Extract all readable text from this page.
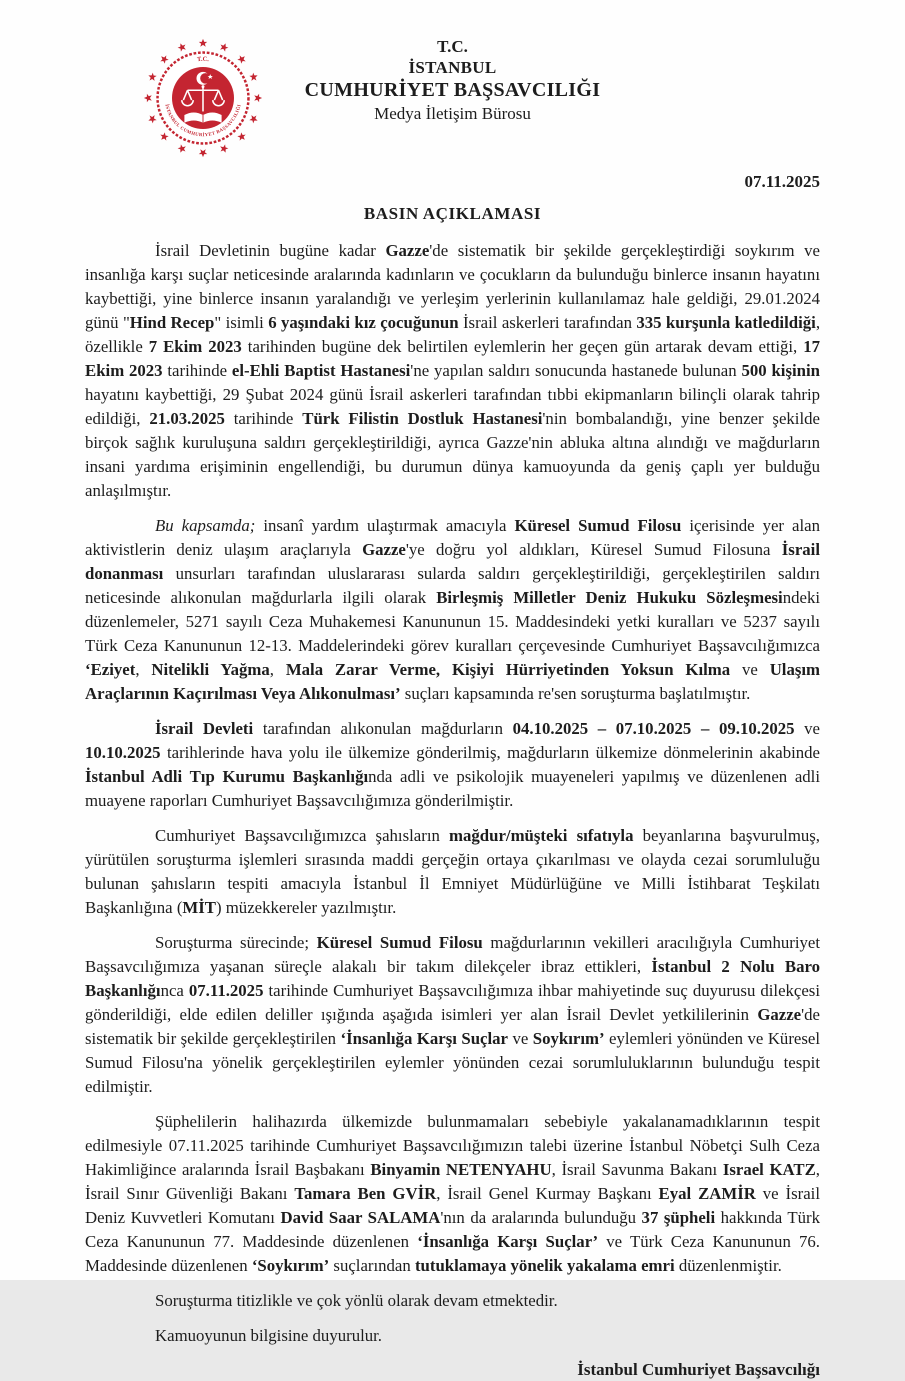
T.C.
İSTANBUL CUMHURİYET BAŞSAVCILIĞI
T.C.
İSTANBUL
CUMHURİYET BAŞSAVCILIĞI
Medya İletişim Bürosu
07.11.2025
BASIN AÇIKLAMASI

İsrail Devletinin bugüne kadar Gazze'de sistematik bir şekilde gerçekleştirdiği soykırım ve insanlığa karşı suçlar neticesinde aralarında kadınların ve çocukların da bulunduğu binlerce insanın hayatını kaybettiği, yine binlerce insanın yaralandığı ve yerleşim yerlerinin kullanılamaz hale geldiği, 29.01.2024 günü "Hind Recep" isimli 6 yaşındaki kız çocuğunun İsrail askerleri tarafından 335 kurşunla katledildiği, özellikle 7 Ekim 2023 tarihinden bugüne dek belirtilen eylemlerin her geçen gün artarak devam ettiği, 17 Ekim 2023 tarihinde el-Ehli Baptist Hastanesi'ne yapılan saldırı sonucunda hastanede bulunan 500 kişinin hayatını kaybettiği, 29 Şubat 2024 günü İsrail askerleri tarafından tıbbi ekipmanların bilinçli olarak tahrip edildiği, 21.03.2025 tarihinde Türk Filistin Dostluk Hastanesi'nin bombalandığı, yine benzer şekilde birçok sağlık kuruluşuna saldırı gerçekleştirildiği, ayrıca Gazze'nin abluka altına alındığı ve mağdurların insani yardıma erişiminin engellendiği, bu durumun dünya kamuoyunda da geniş çaplı yer bulduğu anlaşılmıştır.

Bu kapsamda; insanî yardım ulaştırmak amacıyla Küresel Sumud Filosu içerisinde yer alan aktivistlerin deniz ulaşım araçlarıyla Gazze'ye doğru yol aldıkları, Küresel Sumud Filosuna İsrail donanması unsurları tarafından uluslararası sularda saldırı gerçekleştirildiği, gerçekleştirilen saldırı neticesinde alıkonulan mağdurlarla ilgili olarak Birleşmiş Milletler Deniz Hukuku Sözleşmesindeki düzenlemeler, 5271 sayılı Ceza Muhakemesi Kanununun 15. Maddesindeki yetki kuralları ve 5237 sayılı Türk Ceza Kanununun 12-13. Maddelerindeki görev kuralları çerçevesinde Cumhuriyet Başsavcılığımızca ‘Eziyet, Nitelikli Yağma, Mala Zarar Verme, Kişiyi Hürriyetinden Yoksun Kılma ve Ulaşım Araçlarının Kaçırılması Veya Alıkonulması’ suçları kapsamında re'sen soruşturma başlatılmıştır.

İsrail Devleti tarafından alıkonulan mağdurların 04.10.2025 – 07.10.2025 – 09.10.2025 ve 10.10.2025 tarihlerinde hava yolu ile ülkemize gönderilmiş, mağdurların ülkemize dönmelerinin akabinde İstanbul Adli Tıp Kurumu Başkanlığında adli ve psikolojik muayeneleri yapılmış ve düzenlenen adli muayene raporları Cumhuriyet Başsavcılığımıza gönderilmiştir.

Cumhuriyet Başsavcılığımızca şahısların mağdur/müşteki sıfatıyla beyanlarına başvurulmuş, yürütülen soruşturma işlemleri sırasında maddi gerçeğin ortaya çıkarılması ve olayda cezai sorumluluğu bulunan şahısların tespiti amacıyla İstanbul İl Emniyet Müdürlüğüne ve Milli İstihbarat Teşkilatı Başkanlığına (MİT) müzekkereler yazılmıştır.

Soruşturma sürecinde; Küresel Sumud Filosu mağdurlarının vekilleri aracılığıyla Cumhuriyet Başsavcılığımıza yaşanan süreçle alakalı bir takım dilekçeler ibraz ettikleri, İstanbul 2 Nolu Baro Başkanlığınca 07.11.2025 tarihinde Cumhuriyet Başsavcılığımıza ihbar mahiyetinde suç duyurusu dilekçesi gönderildiği, elde edilen deliller ışığında aşağıda isimleri yer alan İsrail Devlet yetkililerinin Gazze'de sistematik bir şekilde gerçekleştirilen ‘İnsanlığa Karşı Suçlar ve Soykırım’ eylemleri yönünden ve Küresel Sumud Filosu'na yönelik gerçekleştirilen eylemler yönünden cezai sorumluluklarının bulunduğu tespit edilmiştir.

Şüphelilerin halihazırda ülkemizde bulunmamaları sebebiyle yakalanamadıklarının tespit edilmesiyle 07.11.2025 tarihinde Cumhuriyet Başsavcılığımızın talebi üzerine İstanbul Nöbetçi Sulh Ceza Hakimliğince aralarında İsrail Başbakanı Binyamin NETENYAHU, İsrail Savunma Bakanı Israel KATZ, İsrail Sınır Güvenliği Bakanı Tamara Ben GVİR, İsrail Genel Kurmay Başkanı Eyal ZAMİR ve İsrail Deniz Kuvvetleri Komutanı David Saar SALAMA'nın da aralarında bulunduğu 37 şüpheli hakkında Türk Ceza Kanununun 77. Maddesinde düzenlenen ‘İnsanlığa Karşı Suçlar’ ve Türk Ceza Kanununun 76. Maddesinde düzenlenen ‘Soykırım’ suçlarından tutuklamaya yönelik yakalama emri düzenlenmiştir.

Soruşturma titizlikle ve çok yönlü olarak devam etmektedir.

Kamuoyunun bilgisine duyurulur.

İstanbul Cumhuriyet Başsavcılığı
